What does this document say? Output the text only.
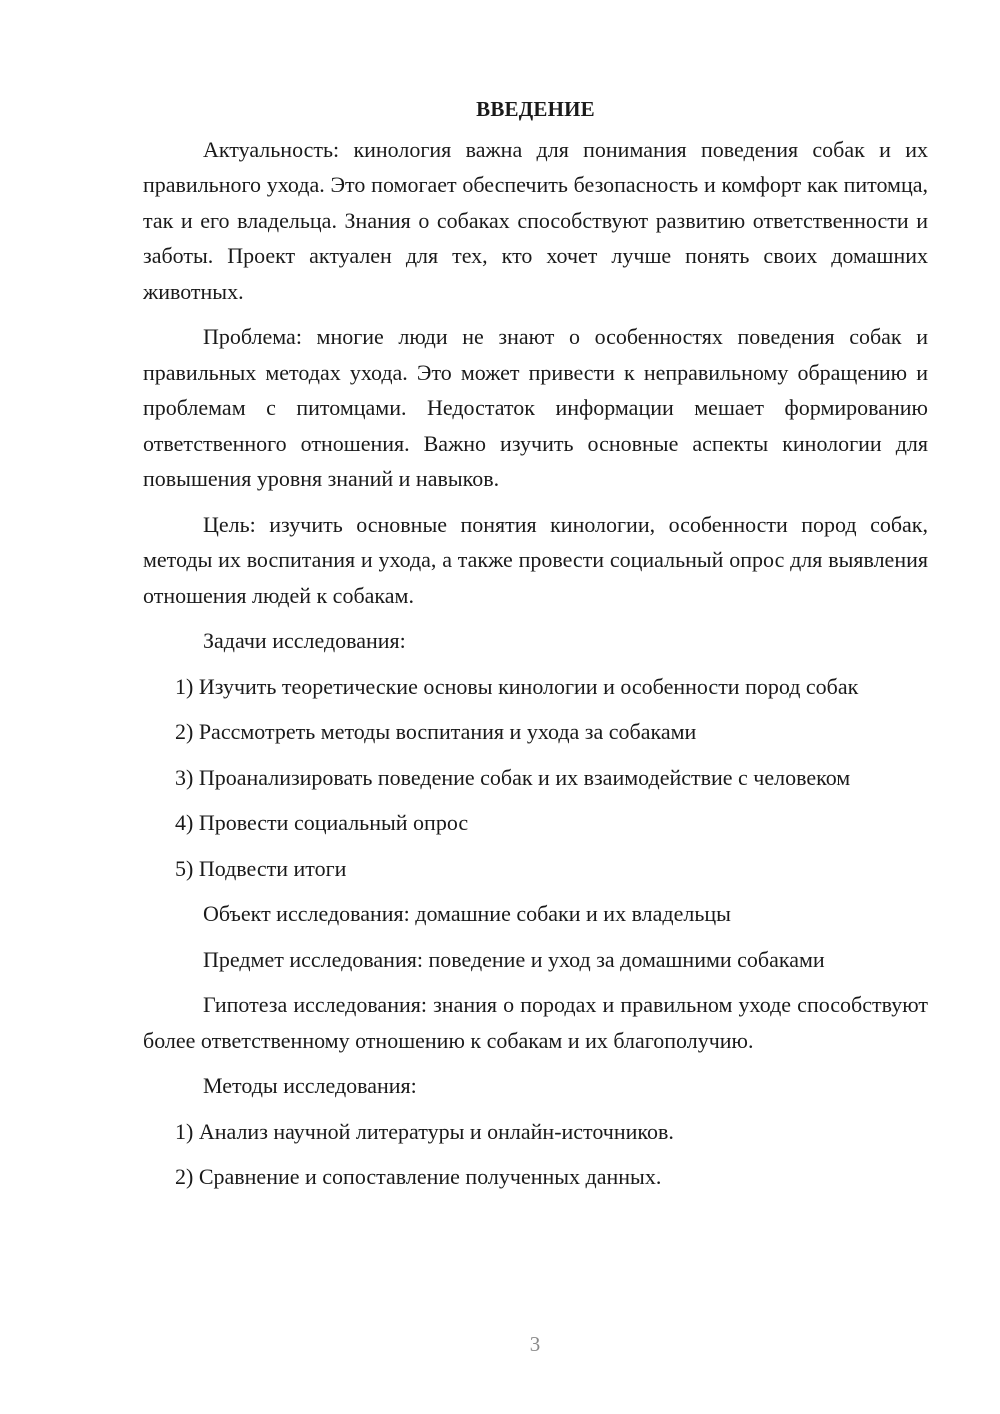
ВВЕДЕНИЕ

Актуальность: кинология важна для понимания поведения собак и их правильного ухода. Это помогает обеспечить безопасность и комфорт как питомца, так и его владельца. Знания о собаках способствуют развитию ответственности и заботы. Проект актуален для тех, кто хочет лучше понять своих домашних животных.

Проблема: многие люди не знают о особенностях поведения собак и правильных методах ухода. Это может привести к неправильному обращению и проблемам с питомцами. Недостаток информации мешает формированию ответственного отношения. Важно изучить основные аспекты кинологии для повышения уровня знаний и навыков.

Цель: изучить основные понятия кинологии, особенности пород собак, методы их воспитания и ухода, а также провести социальный опрос для выявления отношения людей к собакам.

Задачи исследования:

1) Изучить теоретические основы кинологии и особенности пород собак

2) Рассмотреть методы воспитания и ухода за собаками

3) Проанализировать поведение собак и их взаимодействие с человеком

4) Провести социальный опрос

5) Подвести итоги

Объект исследования: домашние собаки и их владельцы

Предмет исследования: поведение и уход за домашними собаками

Гипотеза исследования: знания о породах и правильном уходе способствуют более ответственному отношению к собакам и их благополучию.

Методы исследования:

1) Анализ научной литературы и онлайн-источников.

2) Сравнение и сопоставление полученных данных.

3
